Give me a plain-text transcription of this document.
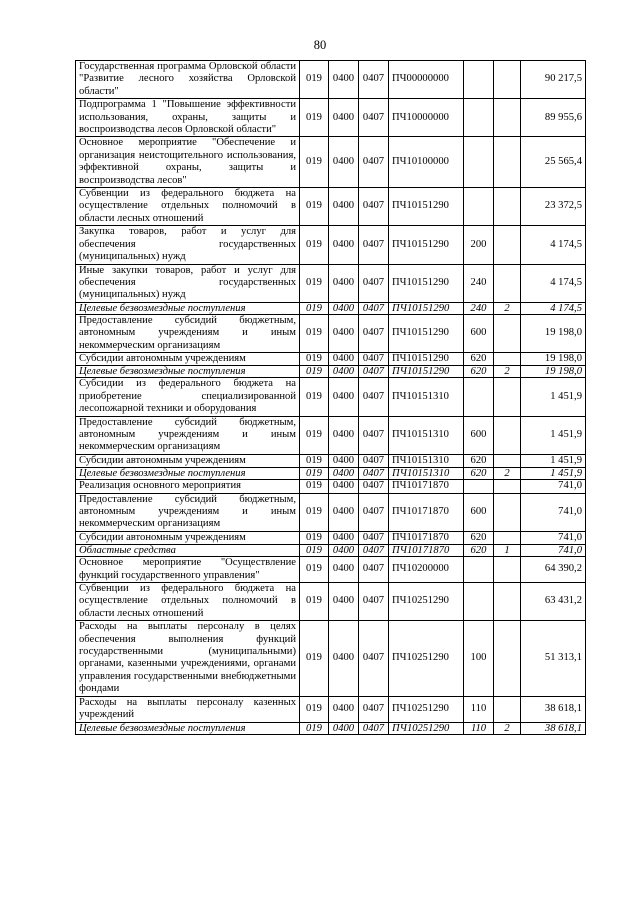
80
Государственная программа Орловской области "Развитие лесного хозяйства Орловской области"	019	0400	0407	ПЧ00000000			90 217,5
Подпрограмма 1 "Повышение эффективности использования, охраны, защиты и воспроизводства лесов Орловской области"	019	0400	0407	ПЧ10000000			89 955,6
Основное мероприятие "Обеспечение и организация неистощительного использования, эффективной охраны, защиты и воспроизводства лесов"	019	0400	0407	ПЧ10100000			25 565,4
Субвенции из федерального бюджета на осуществление отдельных полномочий в области лесных отношений	019	0400	0407	ПЧ10151290			23 372,5
Закупка товаров, работ и услуг для обеспечения государственных (муниципальных) нужд	019	0400	0407	ПЧ10151290	200		4 174,5
Иные закупки товаров, работ и услуг для обеспечения государственных (муниципальных) нужд	019	0400	0407	ПЧ10151290	240		4 174,5
Целевые безвозмездные поступления	019	0400	0407	ПЧ10151290	240	2	4 174,5
Предоставление субсидий бюджетным, автономным учреждениям и иным некоммерческим организациям	019	0400	0407	ПЧ10151290	600		19 198,0
Субсидии автономным учреждениям	019	0400	0407	ПЧ10151290	620		19 198,0
Целевые безвозмездные поступления	019	0400	0407	ПЧ10151290	620	2	19 198,0
Субсидии из федерального бюджета на приобретение специализированной лесопожарной техники и оборудования	019	0400	0407	ПЧ10151310			1 451,9
Предоставление субсидий бюджетным, автономным учреждениям и иным некоммерческим организациям	019	0400	0407	ПЧ10151310	600		1 451,9
Субсидии автономным учреждениям	019	0400	0407	ПЧ10151310	620		1 451,9
Целевые безвозмездные поступления	019	0400	0407	ПЧ10151310	620	2	1 451,9
Реализация основного мероприятия	019	0400	0407	ПЧ10171870			741,0
Предоставление субсидий бюджетным, автономным учреждениям и иным некоммерческим организациям	019	0400	0407	ПЧ10171870	600		741,0
Субсидии автономным учреждениям	019	0400	0407	ПЧ10171870	620		741,0
Областные средства	019	0400	0407	ПЧ10171870	620	1	741,0
Основное мероприятие "Осуществление функций государственного управления"	019	0400	0407	ПЧ10200000			64 390,2
Субвенции из федерального бюджета на осуществление отдельных полномочий в области лесных отношений	019	0400	0407	ПЧ10251290			63 431,2
Расходы на выплаты персоналу в целях обеспечения выполнения функций государственными (муниципальными) органами, казенными учреждениями, органами управления государственными внебюджетными фондами	019	0400	0407	ПЧ10251290	100		51 313,1
Расходы на выплаты персоналу казенных учреждений	019	0400	0407	ПЧ10251290	110		38 618,1
Целевые безвозмездные поступления	019	0400	0407	ПЧ10251290	110	2	38 618,1
